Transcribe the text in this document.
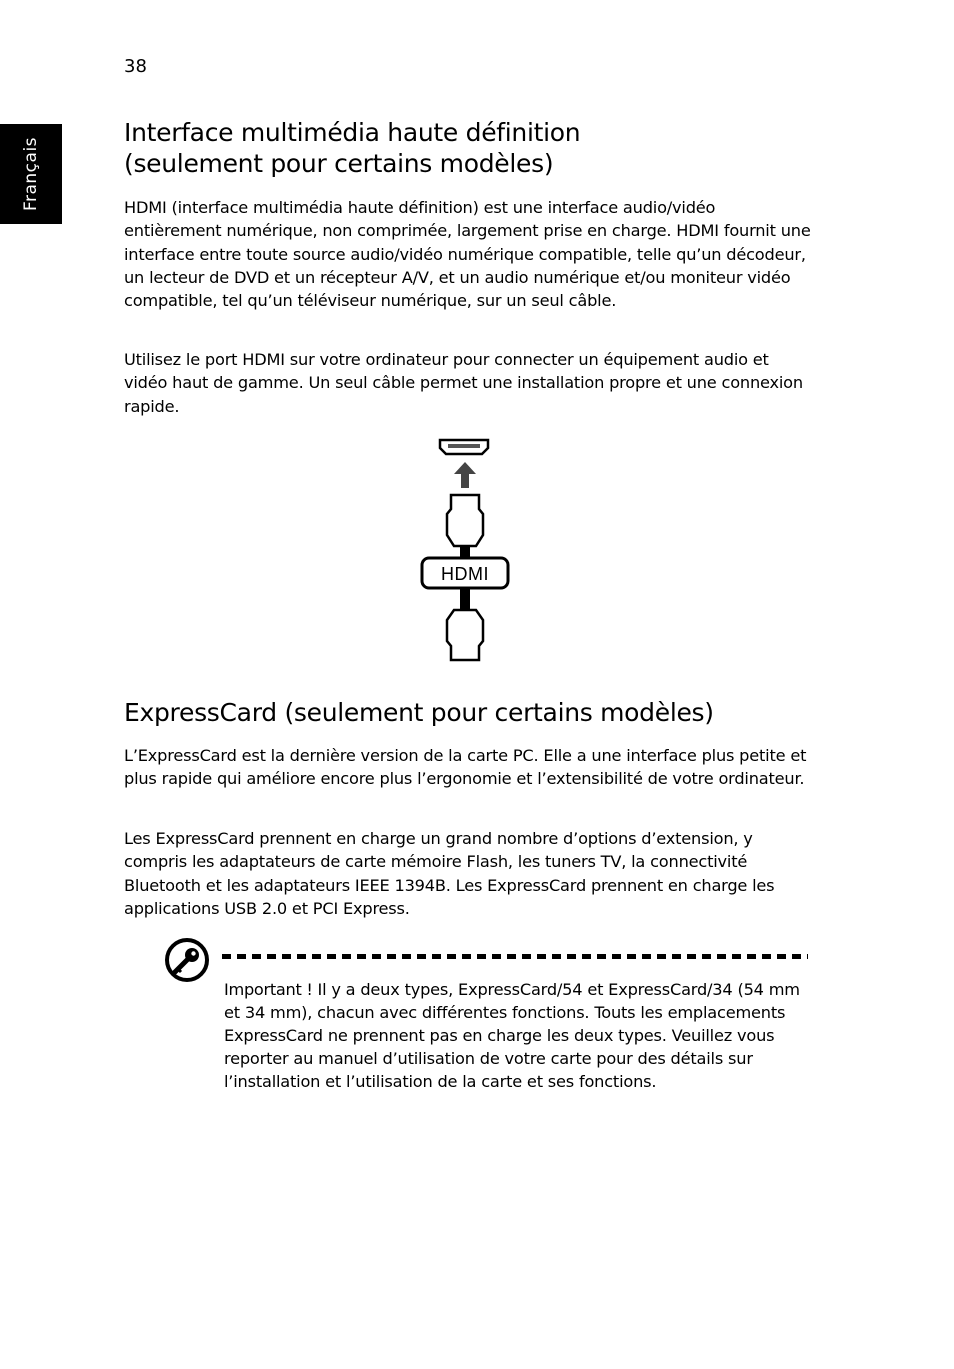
38
Français
Interface multimédia haute définition
(seulement pour certains modèles)

HDMI (interface multimédia haute définition) est une interface audio/vidéo entièrement numérique, non comprimée, largement prise en charge. HDMI fournit une interface entre toute source audio/vidéo numérique compatible, telle qu’un décodeur, un lecteur de DVD et un récepteur A/V, et un audio numérique et/ou moniteur vidéo compatible, tel qu’un téléviseur numérique, sur un seul câble.

Utilisez le port HDMI sur votre ordinateur pour connecter un équipement audio et vidéo haut de gamme. Un seul câble permet une installation propre et une connexion rapide.

HDMI
ExpressCard (seulement pour certains modèles)

L’ExpressCard est la dernière version de la carte PC. Elle a une interface plus petite et plus rapide qui améliore encore plus l’ergonomie et l’extensibilité de votre ordinateur.

Les ExpressCard prennent en charge un grand nombre d’options d’extension, y compris les adaptateurs de carte mémoire Flash, les tuners TV, la connectivité Bluetooth et les adaptateurs IEEE 1394B. Les ExpressCard prennent en charge les applications USB 2.0 et PCI Express.

Important ! Il y a deux types, ExpressCard/54 et ExpressCard/34 (54 mm et 34 mm), chacun avec différentes fonctions. Touts les emplacements ExpressCard ne prennent pas en charge les deux types. Veuillez vous reporter au manuel d’utilisation de votre carte pour des détails sur l’installation et l’utilisation de la carte et ses fonctions.
